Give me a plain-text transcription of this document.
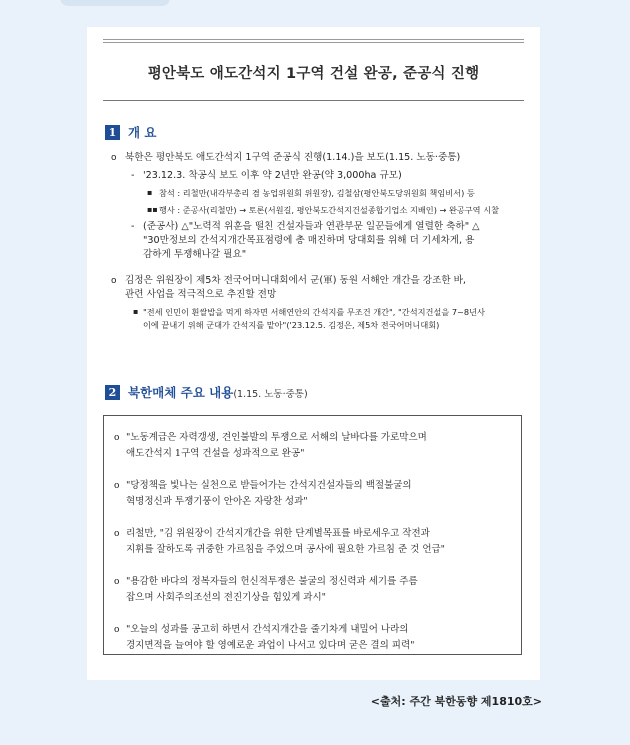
평안북도 애도간석지 1구역 건설 완공, 준공식 진행
1 개 요
o 북한은 평안북도 애도간석지 1구역 준공식 진행(1.14.)을 보도(1.15. 노동·중통)
- '23.12.3. 착공식 보도 이후 약 2년만 완공(약 3,000ha 규모)
▪ 참석 : 리철만(내각부총리 겸 농업위원회 위원장), 김철삼(평안북도당위원회 책임비서) 등
▪▪ 행사 : 준공사(리철만) → 토론(서원길, 평안북도간석지건설종합기업소 지배인) → 완공구역 시찰
- (준공사) △"노력적 위훈을 떨친 건설자들과 연관부문 일꾼들에게 열렬한 축하" △
"30만정보의 간석지개간목표점령에 총 매진하며 당대회를 위해 더 기세차게, 용
감하게 투쟁해나갈 필요"
o 김정은 위원장이 제5차 전국어머니대회에서 군(軍) 동원 서해안 개간을 강조한 바,
관련 사업을 적극적으로 추진할 전망
▪ "전세 인민이 흰쌀밥을 먹게 하자면 서해연안의 간석지를 무조건 개간", "간석지건설을 7~8년사
이에 끝내기 위해 군대가 간석지를 맡아"('23.12.5. 김정은, 제5차 전국어머니대회)
2 북한매체 주요 내용(1.15. 노동·중통)
o "노동계급은 자력갱생, 견인불발의 투쟁으로 서해의 날바다를 가로막으며
애도간석지 1구역 건설을 성과적으로 완공"
o "당정책을 빛나는 실천으로 받들어가는 간석지건설자들의 백절불굴의
혁명정신과 투쟁기풍이 안아온 자랑찬 성과"
o 리철만, "김 위원장이 간석지개간을 위한 단계별목표를 바로세우고 작전과
지휘를 잘하도록 귀중한 가르침을 주었으며 공사에 필요한 가르침 준 것 언급"
o "용감한 바다의 정복자들의 헌신적투쟁은 불굴의 정신력과 세기를 주름
잡으며 사회주의조선의 전진기상을 힘있게 과시"
o "오늘의 성과를 공고히 하면서 간석지개간을 줄기차게 내밀어 나라의
경지면적을 늘여야 할 영예로운 과업이 나서고 있다며 굳은 결의 피력"
<출처: 주간 북한동향 제1810호>
